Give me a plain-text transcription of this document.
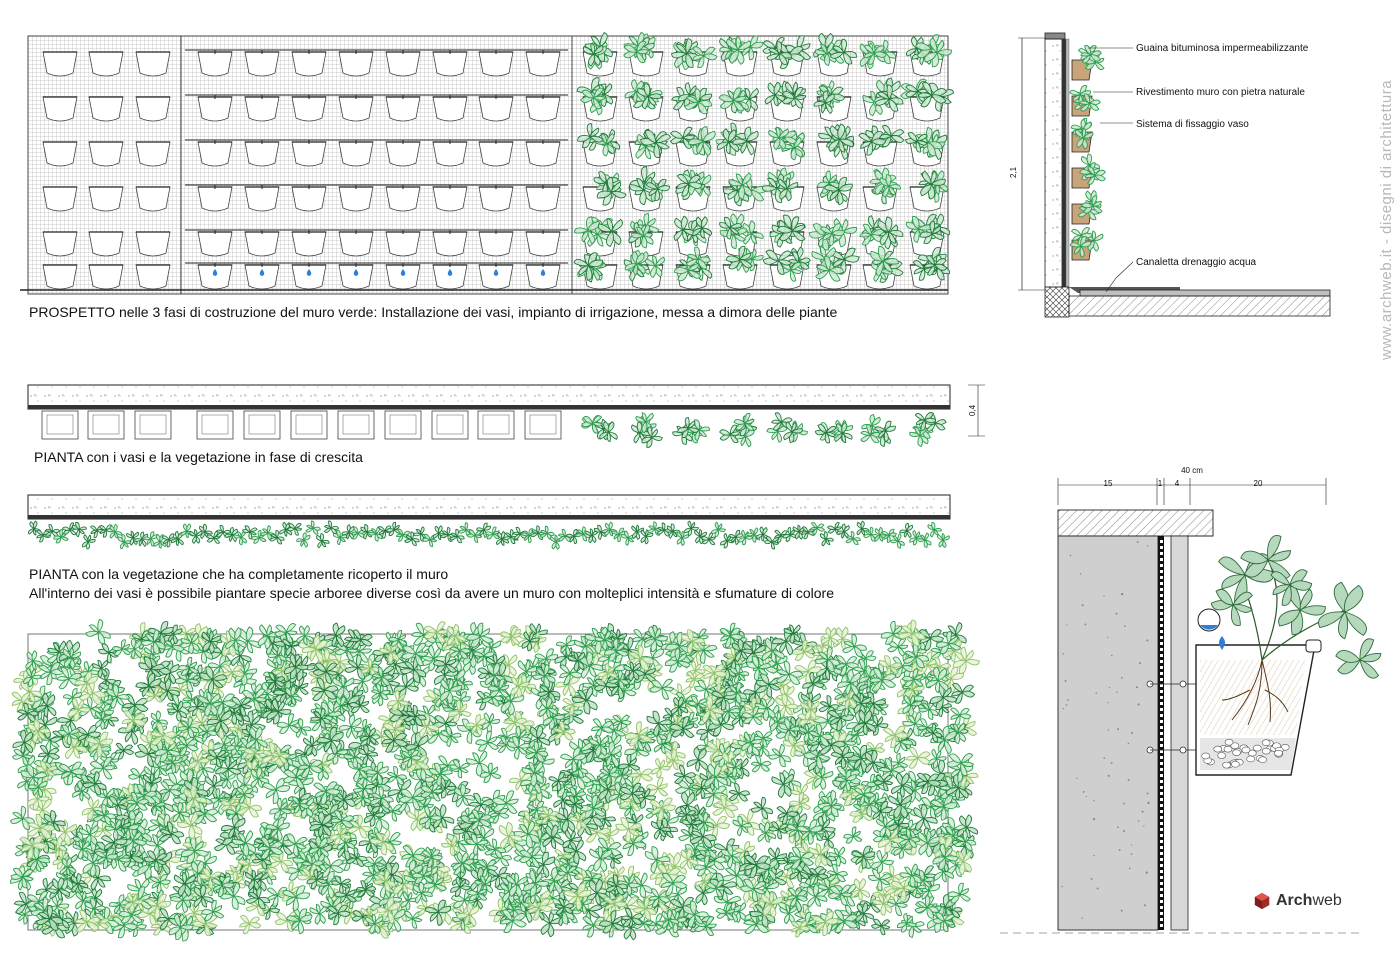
2,1
Guaina bituminosa impermeabilizzante
Rivestimento muro con pietra naturale
Sistema di fissaggio vaso
Canaletta drenaggio acqua
0,4
40 cm
15	1 4	20
PROSPETTO nelle 3 fasi di costruzione del muro verde: Installazione dei vasi, impianto di irrigazione, messa a dimora delle piante
PIANTA con i vasi e la vegetazione in fase di crescita
PIANTA con la vegetazione che ha completamente ricoperto il muro
All'interno dei vasi è possibile piantare specie arboree diverse così da avere un muro con molteplici intensità e sfumature di colore
www.archweb.it - disegni di architettura
Archweb
